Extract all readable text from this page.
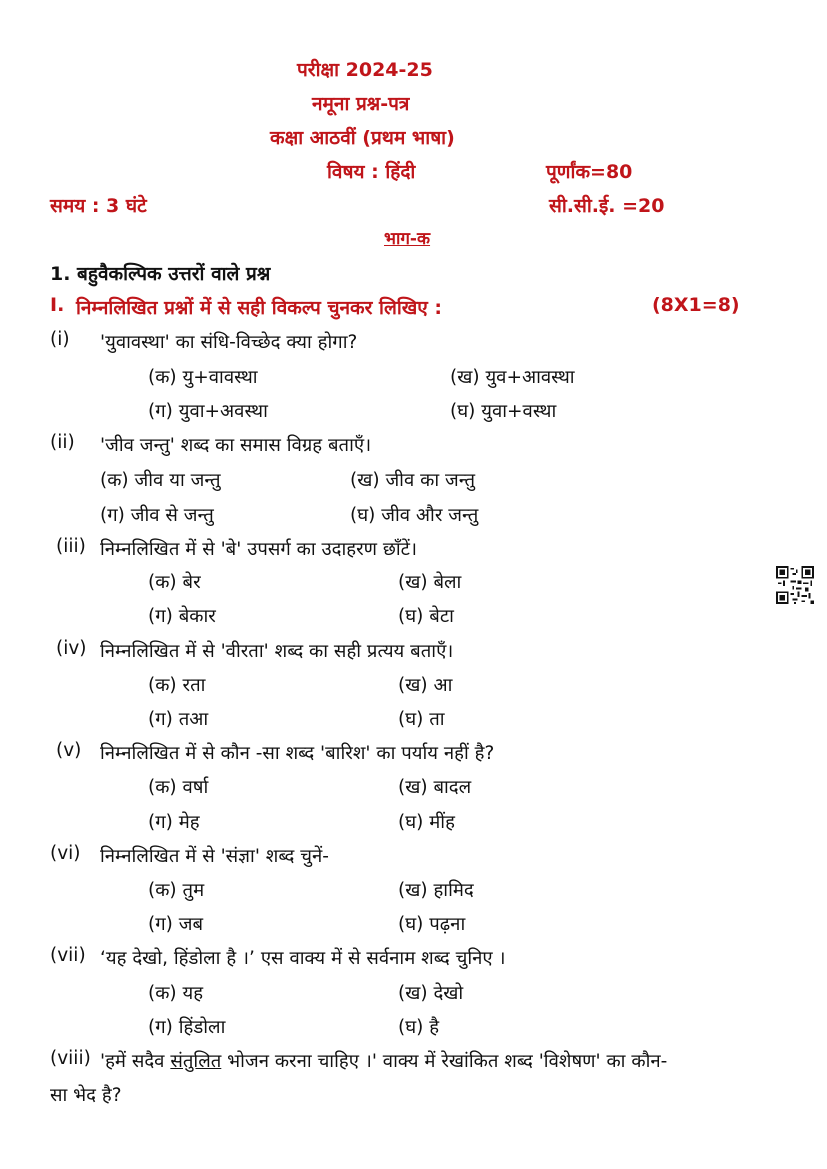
परीक्षा 2024-25
नमूना प्रश्न-पत्र
कक्षा आठवीं (प्रथम भाषा)
विषय : हिंदी	पूर्णांक=80
समय : 3 घंटे	सी.सी.ई. =20
भाग-क
1. बहुवैकल्पिक उत्तरों वाले प्रश्न
I. निम्नलिखित प्रश्नों में से सही विकल्प चुनकर लिखिए :	(8X1=8)
(i) 'युवावस्था' का संधि-विच्छेद क्या होगा?
(क) यु+वावस्था	(ख) युव+आवस्था
(ग) युवा+अवस्था	(घ) युवा+वस्था
(ii) 'जीव जन्तु' शब्द का समास विग्रह बताएँ।
(क) जीव या जन्तु	(ख) जीव का जन्तु
(ग) जीव से जन्तु	(घ) जीव और जन्तु
(iii) निम्नलिखित में से 'बे' उपसर्ग का उदाहरण छाँटें।
(क) बेर	(ख) बेला
(ग) बेकार	(घ) बेटा
(iv) निम्नलिखित में से 'वीरता' शब्द का सही प्रत्यय बताएँ।
(क) रता	(ख) आ
(ग) तआ	(घ) ता
(v) निम्नलिखित में से कौन -सा शब्द 'बारिश' का पर्याय नहीं है?
(क) वर्षा	(ख) बादल
(ग) मेह	(घ) मींह
(vi) निम्नलिखित में से 'संज्ञा' शब्द चुनें-
(क) तुम	(ख) हामिद
(ग) जब	(घ) पढ़ना
(vii) ‘यह देखो, हिंडोला है ।’ एस वाक्य में से सर्वनाम शब्द चुनिए ।
(क) यह	(ख) देखो
(ग) हिंडोला	(घ) है
(viii) 'हमें सदैव संतुलित भोजन करना चाहिए ।' वाक्य में रेखांकित शब्द 'विशेषण' का कौन-
सा भेद है?
